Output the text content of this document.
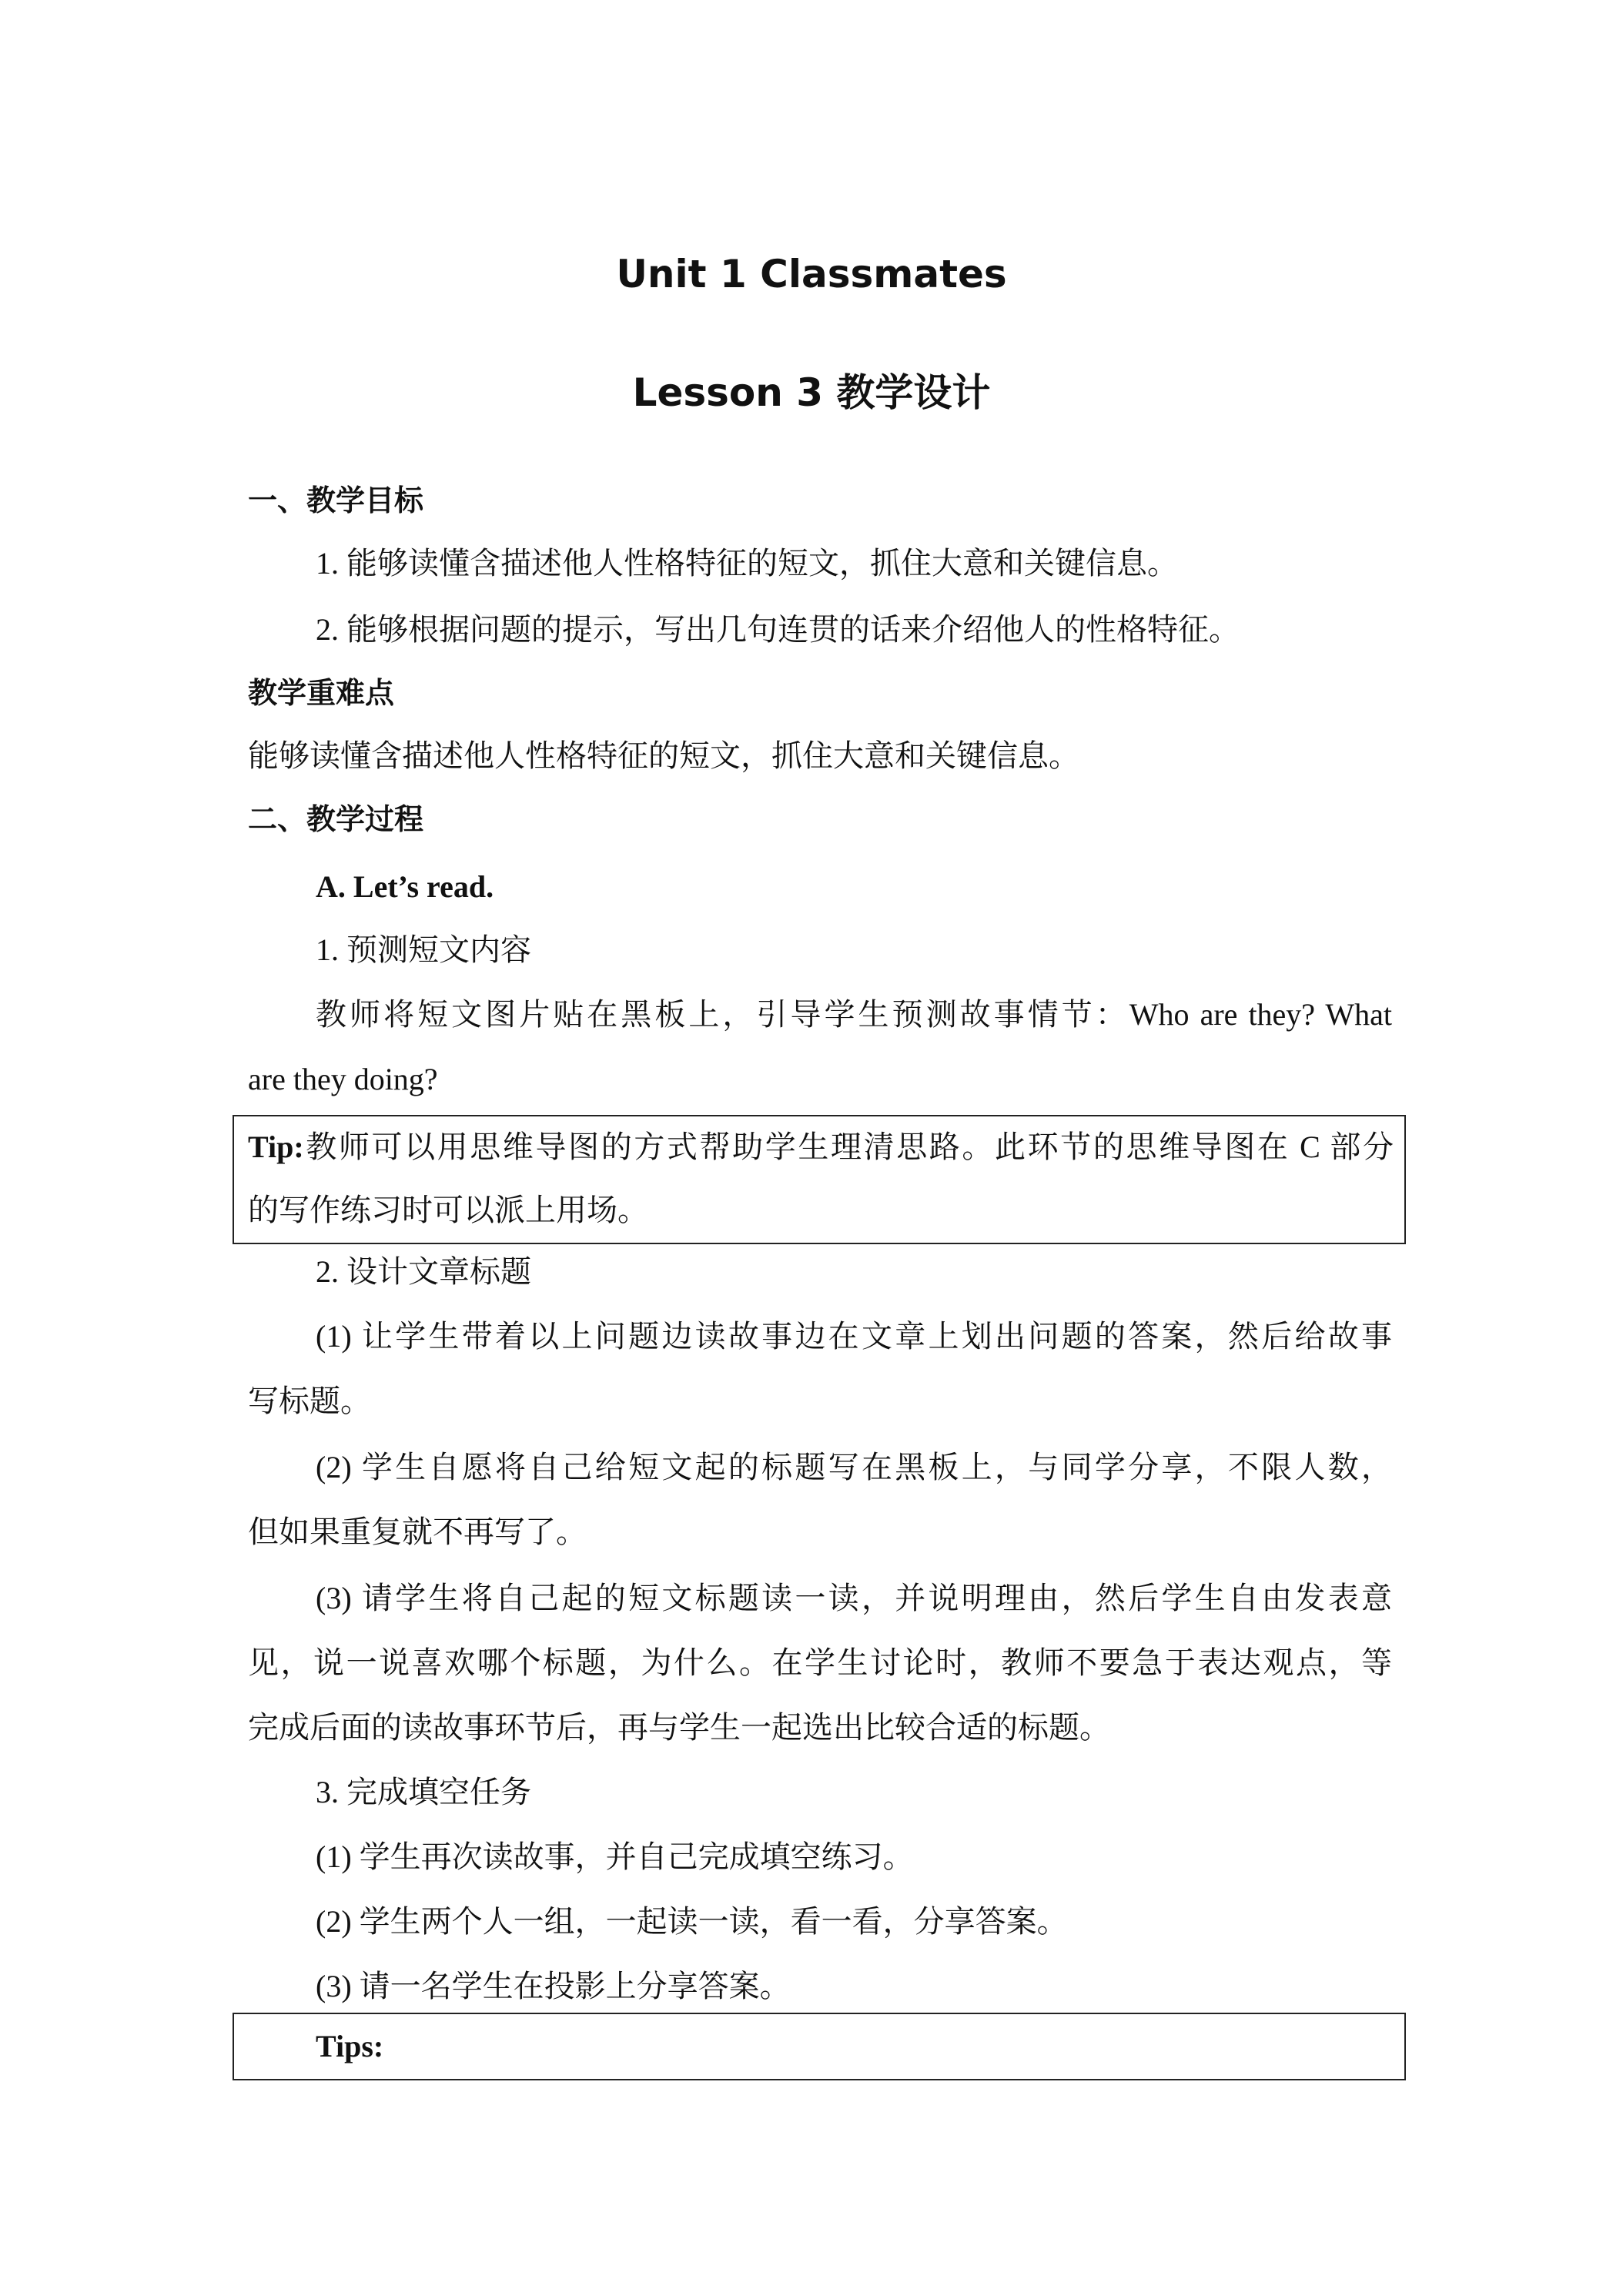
Unit 1 Classmates
Lesson 3 教学设计
一、教学目标
1. 能够读懂含描述他人性格特征的短文，抓住大意和关键信息。
2. 能够根据问题的提示，写出几句连贯的话来介绍他人的性格特征。
教学重难点
能够读懂含描述他人性格特征的短文，抓住大意和关键信息。
二、教学过程
A. Let’s read.
1. 预测短文内容
教师将短文图片贴在黑板上，引导学生预测故事情节：Who are they? What
are they doing?
Tip:教师可以用思维导图的方式帮助学生理清思路。此环节的思维导图在 C 部分
的写作练习时可以派上用场。
2. 设计文章标题
(1) 让学生带着以上问题边读故事边在文章上划出问题的答案，然后给故事
写标题。
(2) 学生自愿将自己给短文起的标题写在黑板上，与同学分享，不限人数，
但如果重复就不再写了。
(3) 请学生将自己起的短文标题读一读，并说明理由，然后学生自由发表意
见，说一说喜欢哪个标题，为什么。在学生讨论时，教师不要急于表达观点，等
完成后面的读故事环节后，再与学生一起选出比较合适的标题。
3. 完成填空任务
(1) 学生再次读故事，并自己完成填空练习。
(2) 学生两个人一组，一起读一读，看一看，分享答案。
(3) 请一名学生在投影上分享答案。
Tips:
